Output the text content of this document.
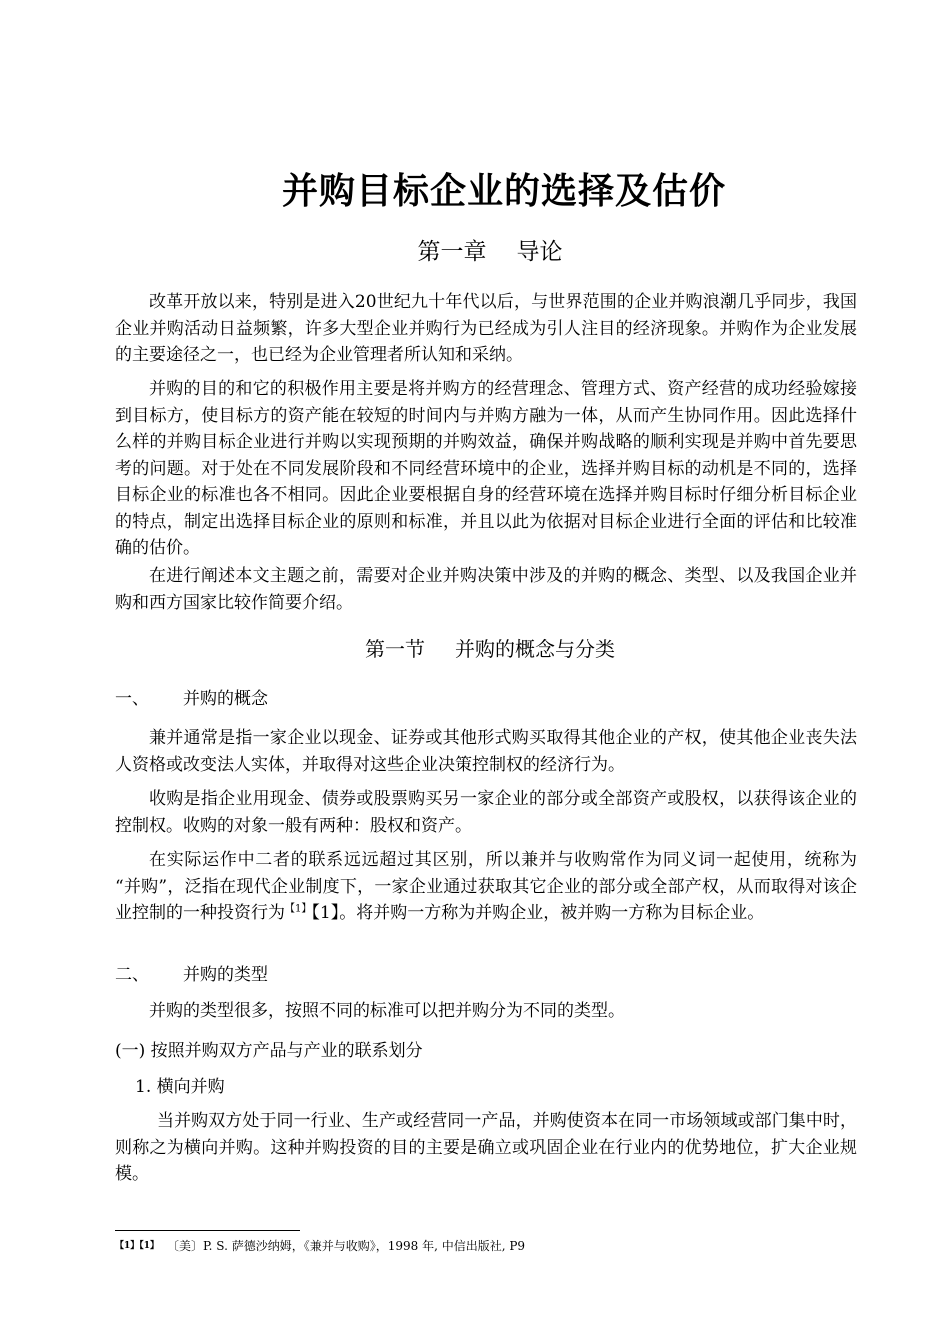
并购目标企业的选择及估价
第一章 导论

改革开放以来，特别是进入20世纪九十年代以后，与世界范围的企业并购浪潮几乎同步，我国企业并购活动日益频繁，许多大型企业并购行为已经成为引人注目的经济现象。并购作为企业发展的主要途径之一，也已经为企业管理者所认知和采纳。

并购的目的和它的积极作用主要是将并购方的经营理念、管理方式、资产经营的成功经验嫁接到目标方，使目标方的资产能在较短的时间内与并购方融为一体，从而产生协同作用。因此选择什么样的并购目标企业进行并购以实现预期的并购效益，确保并购战略的顺利实现是并购中首先要思考的问题。对于处在不同发展阶段和不同经营环境中的企业，选择并购目标的动机是不同的，选择目标企业的标准也各不相同。因此企业要根据自身的经营环境在选择并购目标时仔细分析目标企业的特点，制定出选择目标企业的原则和标准，并且以此为依据对目标企业进行全面的评估和比较准确的估价。

在进行阐述本文主题之前，需要对企业并购决策中涉及的并购的概念、类型、以及我国企业并购和西方国家比较作简要介绍。

第一节 并购的概念与分类
一、 并购的概念

兼并通常是指一家企业以现金、证券或其他形式购买取得其他企业的产权，使其他企业丧失法人资格或改变法人实体，并取得对这些企业决策控制权的经济行为。

收购是指企业用现金、债券或股票购买另一家企业的部分或全部资产或股权，以获得该企业的控制权。收购的对象一般有两种：股权和资产。

在实际运作中二者的联系远远超过其区别，所以兼并与收购常作为同义词一起使用，统称为 “并购”，泛指在现代企业制度下，一家企业通过获取其它企业的部分或全部产权，从而取得对该企业控制的一种投资行为$^{【1】}$【1】。将并购一方称为并购企业，被并购一方称为目标企业。

二、 并购的类型

并购的类型很多，按照不同的标准可以把并购分为不同的类型。

(一) 按照并购双方产品与产业的联系划分
1. 横向并购

当并购双方处于同一行业、生产或经营同一产品，并购使资本在同一市场领域或部门集中时，则称之为横向并购。这种并购投资的目的主要是确立或巩固企业在行业内的优势地位，扩大企业规模。

$^{【1】【1】}$ 〔美〕P. S. 萨德沙纳姆，《兼并与收购》，1998 年, 中信出版社, P9
